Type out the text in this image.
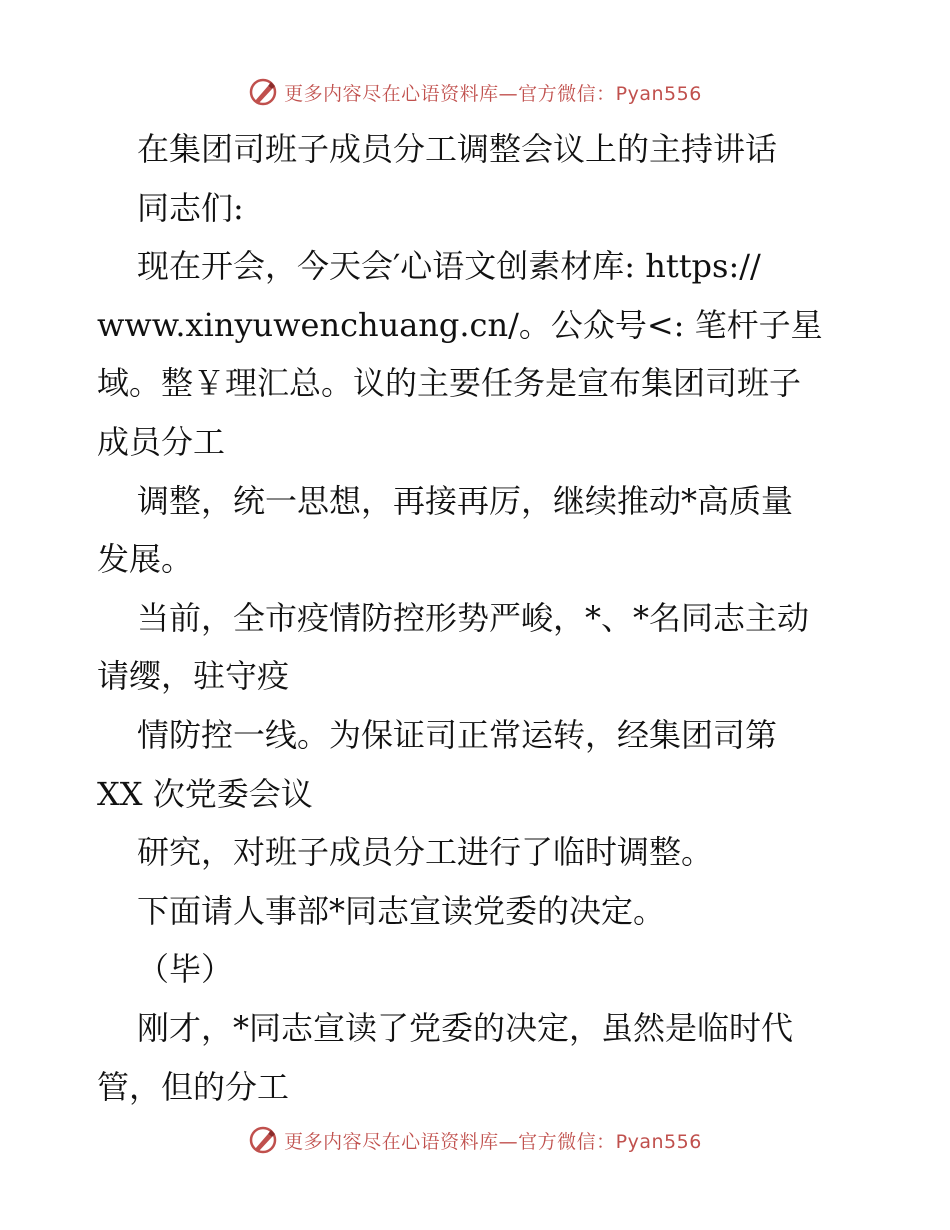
更多内容尽在心语资料库—官方微信：Pyan556
在集团司班子成员分工调整会议上的主持讲话
同志们:
现在开会，今天会′心语文创素材库: https://
www.xinyuwenchuang.cn/。公众号<: 笔杆子星
域。整￥理汇总。议的主要任务是宣布集团司班子
成员分工
调整，统一思想，再接再厉，继续推动*高质量
发展。
当前，全市疫情防控形势严峻，*、*名同志主动
请缨，驻守疫
情防控一线。为保证司正常运转，经集团司第
XX 次党委会议
研究，对班子成员分工进行了临时调整。
下面请人事部*同志宣读党委的决定。
（毕）
刚才，*同志宣读了党委的决定，虽然是临时代
管，但的分工
更多内容尽在心语资料库—官方微信：Pyan556
